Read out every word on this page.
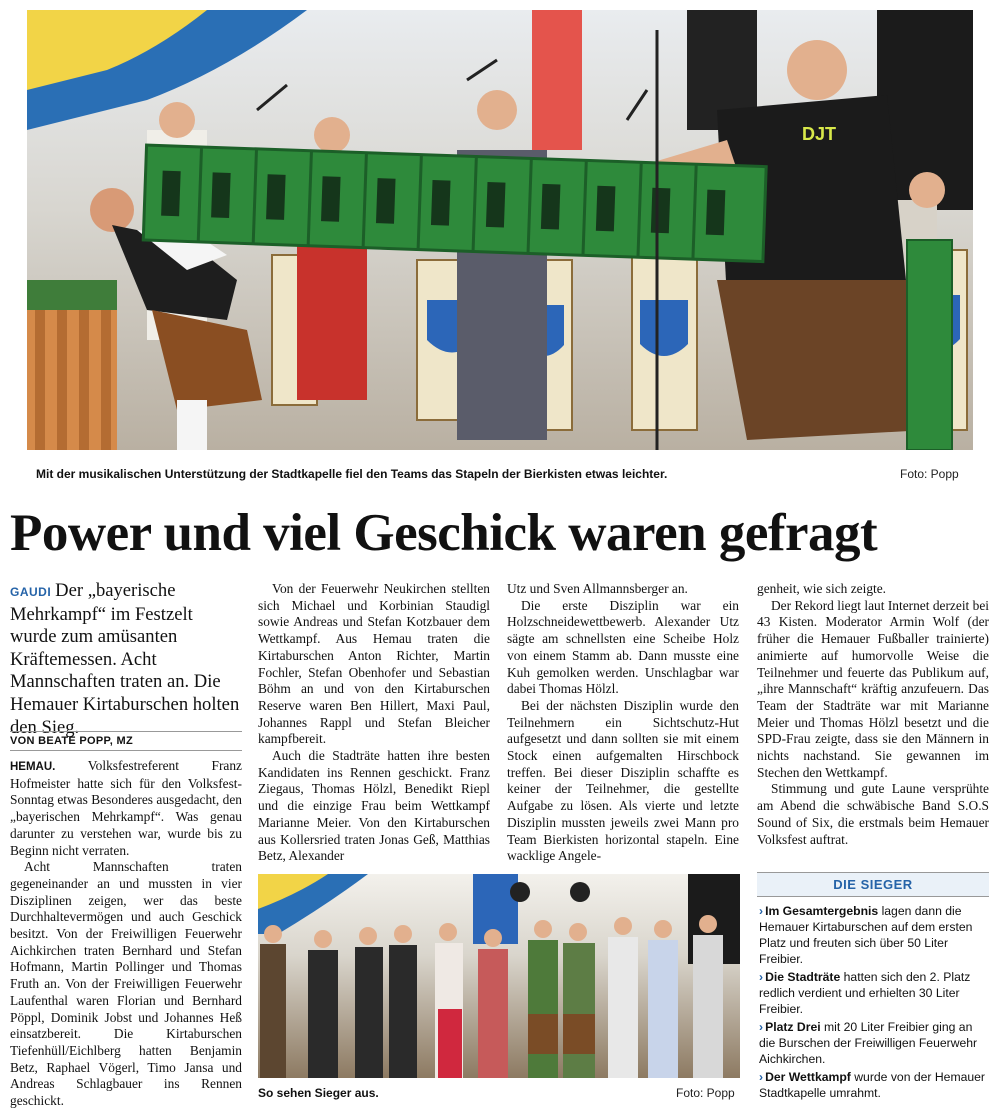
DJT
Mit der musikalischen Unterstützung der Stadtkapelle fiel den Teams das Stapeln der Bierkisten etwas leichter.	Foto: Popp
Power und viel Geschick waren gefragt
GAUDI Der „bayerische Mehrkampf“ im Festzelt wurde zum amüsanten Kräftemessen. Acht Mannschaften traten an. Die Hemauer Kirtaburschen holten den Sieg.
VON BEATE POPP, MZ

HEMAU. Volksfestreferent Franz Hofmeister hatte sich für den Volksfest-Sonntag etwas Besonderes ausgedacht, den „bayerischen Mehrkampf“. Was genau darunter zu verstehen war, wurde bis zu Beginn nicht verraten.

Acht Mannschaften traten gegeneinander an und mussten in vier Disziplinen zeigen, wer das beste Durchhaltevermögen und auch Geschick besitzt. Von der Freiwilligen Feuerwehr Aichkirchen traten Bernhard und Stefan Hofmann, Martin Pollinger und Thomas Fruth an. Von der Freiwilligen Feuerwehr Laufenthal waren Florian und Bernhard Pöppl, Dominik Jobst und Johannes Heß einsatzbereit. Die Kirtaburschen Tiefenhüll/Eichlberg hatten Benjamin Betz, Raphael Vögerl, Timo Jansa und Andreas Schlagbauer ins Rennen geschickt.

Von der Feuerwehr Neukirchen stellten sich Michael und Korbinian Staudigl sowie Andreas und Stefan Kotzbauer dem Wettkampf. Aus Hemau traten die Kirtaburschen Anton Richter, Martin Fochler, Stefan Obenhofer und Sebastian Böhm an und von den Kirtaburschen Reserve waren Ben Hillert, Maxi Paul, Johannes Rappl und Stefan Bleicher kampfbereit.

Auch die Stadträte hatten ihre besten Kandidaten ins Rennen geschickt. Franz Ziegaus, Thomas Hölzl, Benedikt Riepl und die einzige Frau beim Wettkampf Marianne Meier. Von den Kirtaburschen aus Kollersried traten Jonas Geß, Matthias Betz, Alexander

Utz und Sven Allmannsberger an.

Die erste Disziplin war ein Holzschneidewettbewerb. Alexander Utz sägte am schnellsten eine Scheibe Holz von einem Stamm ab. Dann musste eine Kuh gemolken werden. Unschlagbar war dabei Thomas Hölzl.

Bei der nächsten Disziplin wurde den Teilnehmern ein Sichtschutz-Hut aufgesetzt und dann sollten sie mit einem Stock einen aufgemalten Hirschbock treffen. Bei dieser Disziplin schaffte es keiner der Teilnehmer, die gestellte Aufgabe zu lösen. Als vierte und letzte Disziplin mussten jeweils zwei Mann pro Team Bierkisten horizontal stapeln. Eine wacklige Angele-

genheit, wie sich zeigte.

Der Rekord liegt laut Internet derzeit bei 43 Kisten. Moderator Armin Wolf (der früher die Hemauer Fußballer trainierte) animierte auf humorvolle Weise die Teilnehmer und feuerte das Publikum auf, „ihre Mannschaft“ kräftig anzufeuern. Das Team der Stadträte war mit Marianne Meier und Thomas Hölzl besetzt und die SPD-Frau zeigte, dass sie den Männern in nichts nachstand. Sie gewannen im Stechen den Wettkampf.

Stimmung und gute Laune versprühte am Abend die schwäbische Band S.O.S Sound of Six, die erstmals beim Hemauer Volksfest auftrat.

So sehen Sieger aus.	Foto: Popp
DIE SIEGER
› Im Gesamtergebnis lagen dann die Hemauer Kirtaburschen auf dem ersten Platz und freuten sich über 50 Liter Freibier.
› Die Stadträte hatten sich den 2. Platz redlich verdient und erhielten 30 Liter Freibier.
› Platz Drei mit 20 Liter Freibier ging an die Burschen der Freiwilligen Feuerwehr Aichkirchen.
› Der Wettkampf wurde von der Hemauer Stadtkapelle umrahmt.
